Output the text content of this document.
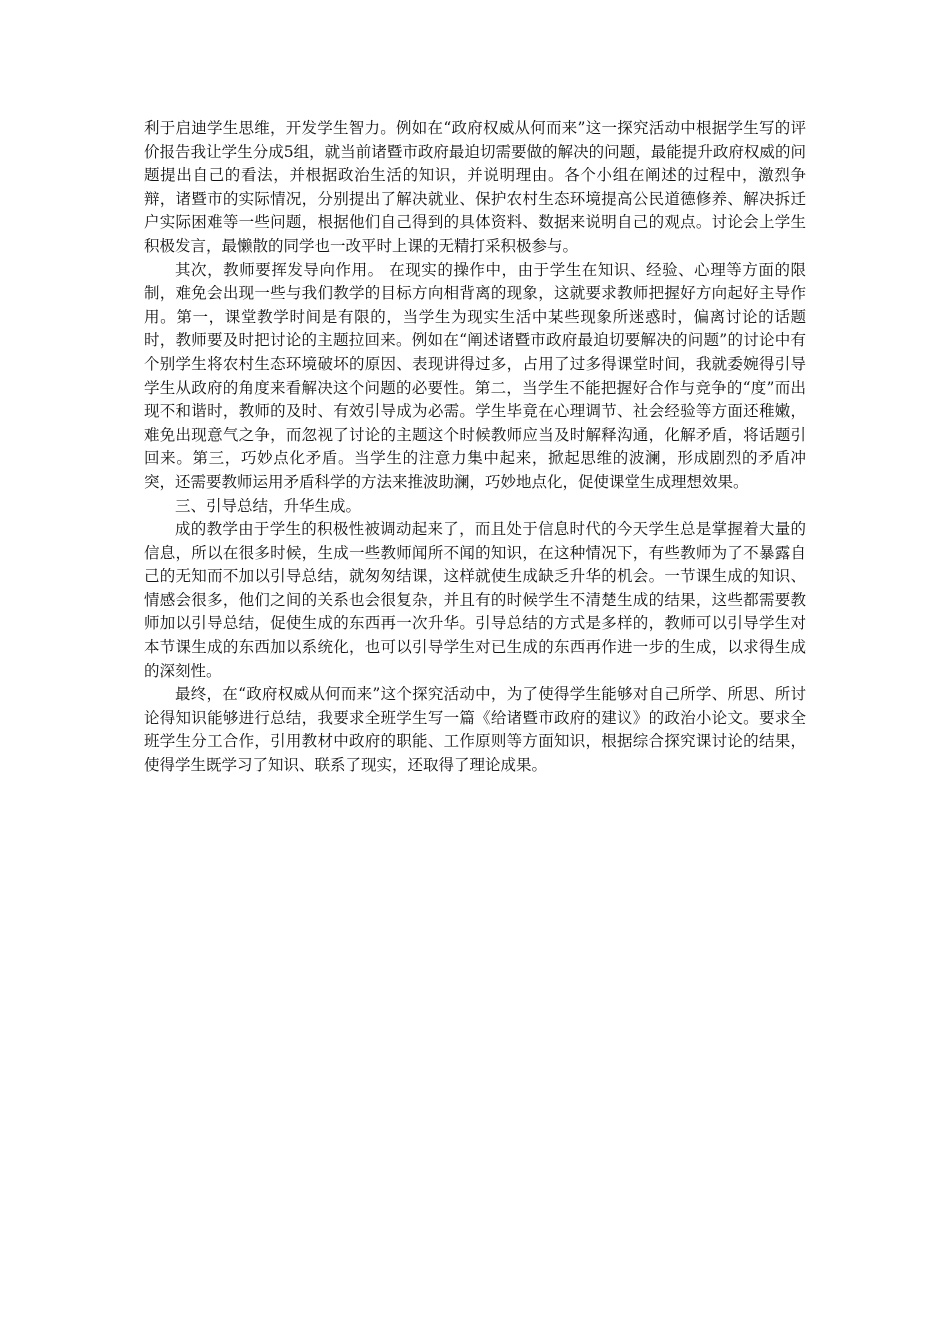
利于启迪学生思维，开发学生智力。例如在“政府权威从何而来”这一探究活动中根据学生写的评价报告我让学生分成5组，就当前诸暨市政府最迫切需要做的解决的问题，最能提升政府权威的问题提出自己的看法，并根据政治生活的知识，并说明理由。各个小组在阐述的过程中，激烈争辩，诸暨市的实际情况，分别提出了解决就业、保护农村生态环境提高公民道德修养、解决拆迁户实际困难等一些问题，根据他们自己得到的具体资料、数据来说明自己的观点。讨论会上学生积极发言，最懒散的同学也一改平时上课的无精打采积极参与。

其次，教师要挥发导向作用。 在现实的操作中，由于学生在知识、经验、心理等方面的限制，难免会出现一些与我们教学的目标方向相背离的现象，这就要求教师把握好方向起好主导作用。第一，课堂教学时间是有限的，当学生为现实生活中某些现象所迷惑时，偏离讨论的话题时，教师要及时把讨论的主题拉回来。例如在“阐述诸暨市政府最迫切要解决的问题”的讨论中有个别学生将农村生态环境破坏的原因、表现讲得过多，占用了过多得课堂时间，我就委婉得引导学生从政府的角度来看解决这个问题的必要性。第二，当学生不能把握好合作与竞争的“度”而出现不和谐时，教师的及时、有效引导成为必需。学生毕竟在心理调节、社会经验等方面还稚嫩，难免出现意气之争，而忽视了讨论的主题这个时候教师应当及时解释沟通，化解矛盾，将话题引回来。第三，巧妙点化矛盾。当学生的注意力集中起来，掀起思维的波澜，形成剧烈的矛盾冲突，还需要教师运用矛盾科学的方法来推波助澜，巧妙地点化，促使课堂生成理想效果。

三、引导总结，升华生成。

成的教学由于学生的积极性被调动起来了，而且处于信息时代的今天学生总是掌握着大量的信息，所以在很多时候，生成一些教师闻所不闻的知识，在这种情况下，有些教师为了不暴露自己的无知而不加以引导总结，就匆匆结课，这样就使生成缺乏升华的机会。一节课生成的知识、情感会很多，他们之间的关系也会很复杂，并且有的时候学生不清楚生成的结果，这些都需要教师加以引导总结，促使生成的东西再一次升华。引导总结的方式是多样的，教师可以引导学生对本节课生成的东西加以系统化，也可以引导学生对已生成的东西再作进一步的生成，以求得生成的深刻性。

最终，在“政府权威从何而来”这个探究活动中，为了使得学生能够对自己所学、所思、所讨论得知识能够进行总结，我要求全班学生写一篇《给诸暨市政府的建议》的政治小论文。要求全班学生分工合作，引用教材中政府的职能、工作原则等方面知识，根据综合探究课讨论的结果，使得学生既学习了知识、联系了现实，还取得了理论成果。
